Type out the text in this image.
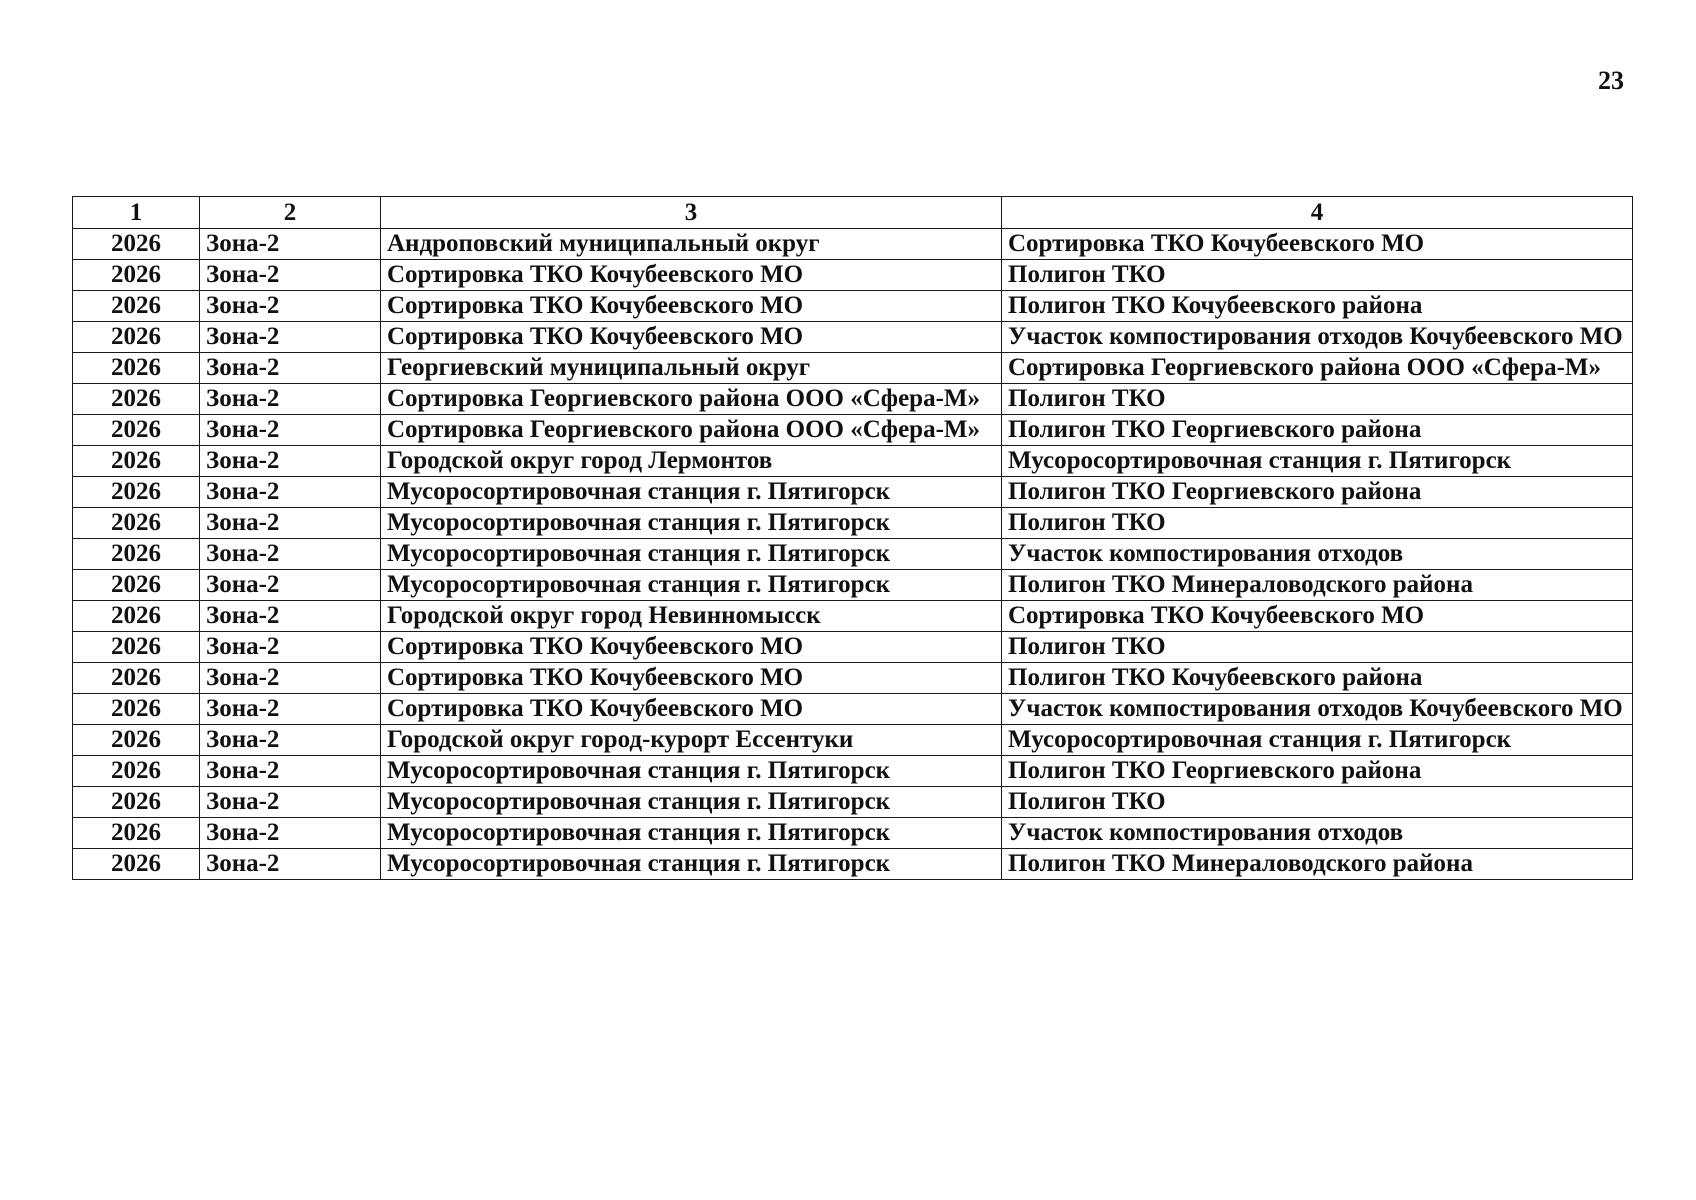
23
1	2	3	4
2026	Зона-2	Андроповский муниципальный округ	Сортировка ТКО Кочубеевского МО
2026	Зона-2	Сортировка ТКО Кочубеевского МО	Полигон ТКО
2026	Зона-2	Сортировка ТКО Кочубеевского МО	Полигон ТКО Кочубеевского района
2026	Зона-2	Сортировка ТКО Кочубеевского МО	Участок компостирования отходов Кочубеевского МО
2026	Зона-2	Георгиевский муниципальный округ	Сортировка Георгиевского района ООО «Сфера-М»
2026	Зона-2	Сортировка Георгиевского района ООО «Сфера-М»	Полигон ТКО
2026	Зона-2	Сортировка Георгиевского района ООО «Сфера-М»	Полигон ТКО Георгиевского района
2026	Зона-2	Городской округ город Лермонтов	Мусоросортировочная станция г. Пятигорск
2026	Зона-2	Мусоросортировочная станция г. Пятигорск	Полигон ТКО Георгиевского района
2026	Зона-2	Мусоросортировочная станция г. Пятигорск	Полигон ТКО
2026	Зона-2	Мусоросортировочная станция г. Пятигорск	Участок компостирования отходов
2026	Зона-2	Мусоросортировочная станция г. Пятигорск	Полигон ТКО Минераловодского района
2026	Зона-2	Городской округ город Невинномысск	Сортировка ТКО Кочубеевского МО
2026	Зона-2	Сортировка ТКО Кочубеевского МО	Полигон ТКО
2026	Зона-2	Сортировка ТКО Кочубеевского МО	Полигон ТКО Кочубеевского района
2026	Зона-2	Сортировка ТКО Кочубеевского МО	Участок компостирования отходов Кочубеевского МО
2026	Зона-2	Городской округ город-курорт Ессентуки	Мусоросортировочная станция г. Пятигорск
2026	Зона-2	Мусоросортировочная станция г. Пятигорск	Полигон ТКО Георгиевского района
2026	Зона-2	Мусоросортировочная станция г. Пятигорск	Полигон ТКО
2026	Зона-2	Мусоросортировочная станция г. Пятигорск	Участок компостирования отходов
2026	Зона-2	Мусоросортировочная станция г. Пятигорск	Полигон ТКО Минераловодского района
